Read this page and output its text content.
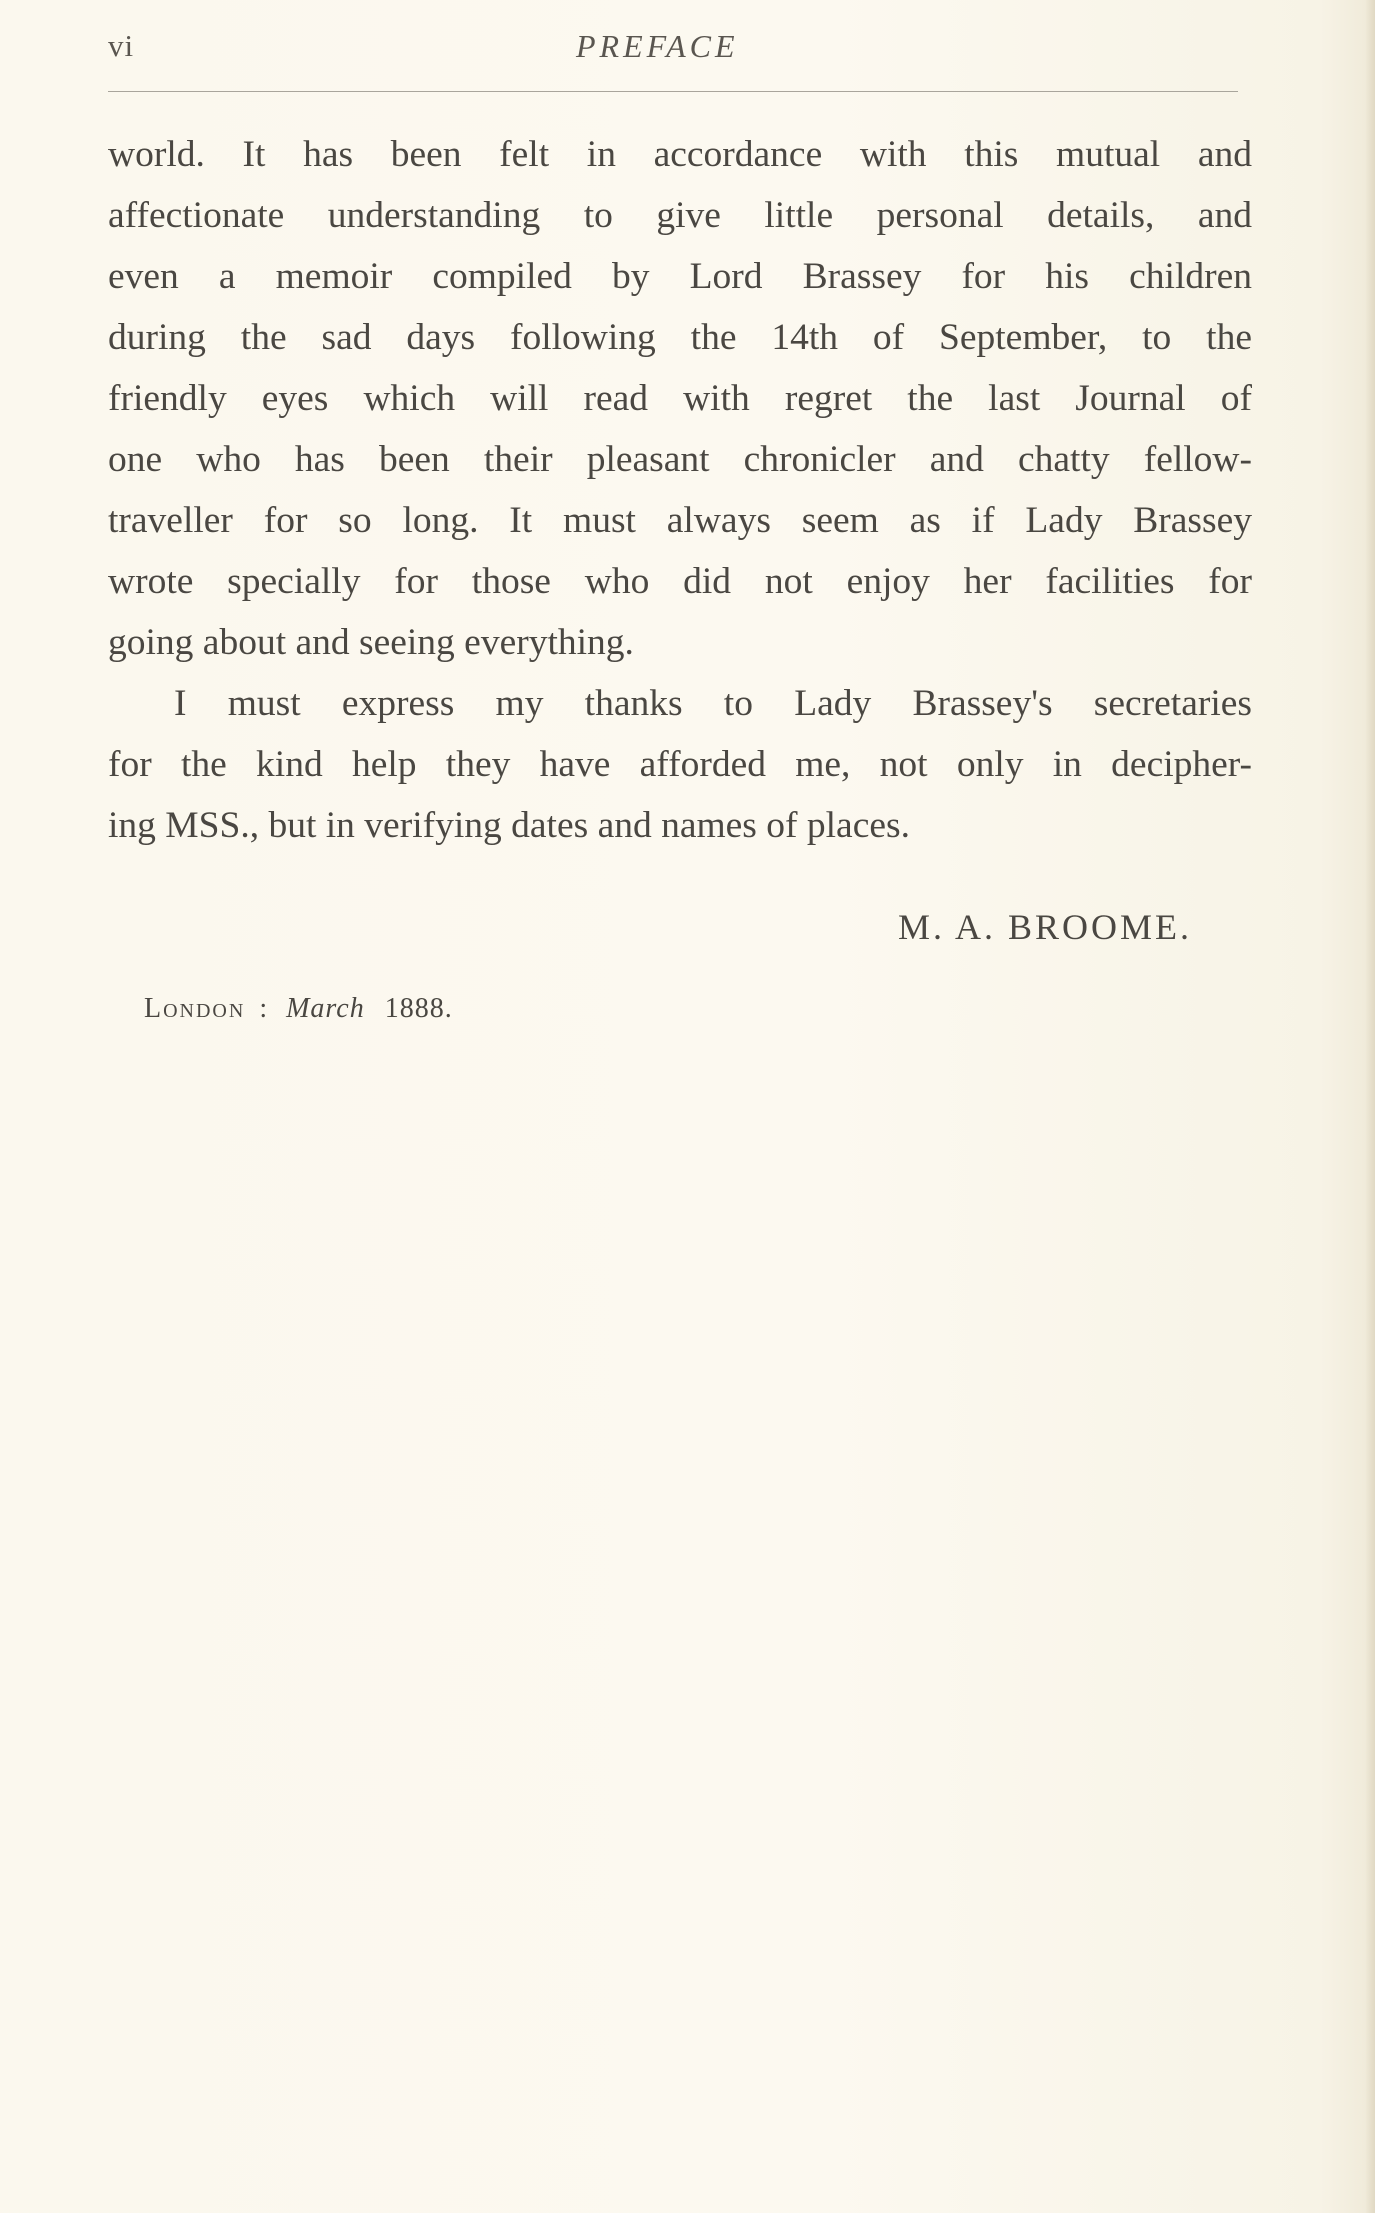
vi	PREFACE
world. It has been felt in accordance with this mutual and
affectionate understanding to give little personal details, and
even a memoir compiled by Lord Brassey for his children
during the sad days following the 14th of September, to the
friendly eyes which will read with regret the last Journal of
one who has been their pleasant chronicler and chatty fellow-
traveller for so long. It must always seem as if Lady Brassey
wrote specially for those who did not enjoy her facilities for
going about and seeing everything.
I must express my thanks to Lady Brassey's secretaries
for the kind help they have afforded me, not only in decipher-
ing MSS., but in verifying dates and names of places.
M. A. BROOME.
London : March 1888.
